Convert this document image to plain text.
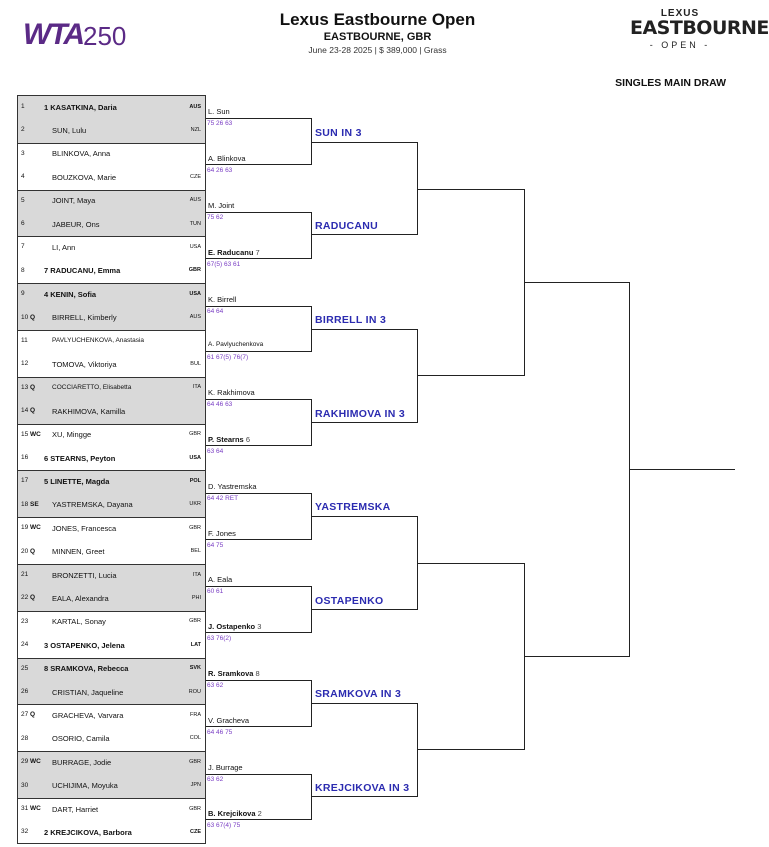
WTA 250
Lexus Eastbourne Open
EASTBOURNE, GBR
June 23-28 2025 | $ 389,000 | Grass
LEXUS
EASTBOURNE
- OPEN -
SINGLES MAIN DRAW
1	1 KASATKINA, Daria	AUS
2	SUN, Lulu	NZL
3	BLINKOVA, Anna
4	BOUZKOVA, Marie	CZE
5	JOINT, Maya	AUS
6	JABEUR, Ons	TUN
7	LI, Ann	USA
8	7 RADUCANU, Emma	GBR
9	4 KENIN, Sofia	USA
10 Q BIRRELL, Kimberly	AUS
11	PAVLYUCHENKOVA, Anastasia
12	TOMOVA, Viktoriya	BUL
13 Q	COCCIARETTO, Elisabetta	ITA
14 Q RAKHIMOVA, Kamilla
15 WC XU, Mingge	GBR
16 6 STEARNS, Peyton	USA
17 5 LINETTE, Magda	POL
18 SE YASTREMSKA, Dayana	UKR
19 WC JONES, Francesca	GBR
20 Q MINNEN, Greet	BEL
21	BRONZETTI, Lucia	ITA
22 Q EALA, Alexandra	PHI
23	KARTAL, Sonay	GBR
24 3 OSTAPENKO, Jelena	LAT
25 8 SRAMKOVA, Rebecca	SVK
26	CRISTIAN, Jaqueline	ROU
27 Q GRACHEVA, Varvara	FRA
28	OSORIO, Camila	COL
29 WC BURRAGE, Jodie	GBR
30	UCHIJIMA, Moyuka	JPN
31 WC DART, Harriet	GBR
32 2 KREJCIKOVA, Barbora	CZE
L. Sun
75 26 63
A. Blinkova
64 26 63
M. Joint
75 62
E. Raducanu 7
67(5) 63 61
K. Birrell
64 64
A. Pavlyuchenkova
61 67(5) 76(7)
K. Rakhimova
64 46 63
P. Stearns 6
63 64
D. Yastremska
64 42 RET
F. Jones
64 75
A. Eala
60 61
J. Ostapenko 3
63 76(2)
R. Sramkova 8
63 62
V. Gracheva
64 46 75
J. Burrage
63 62
B. Krejcikova 2
63 67(4) 75
SUN IN 3
RADUCANU
BIRRELL IN 3
RAKHIMOVA IN 3
YASTREMSKA
OSTAPENKO
SRAMKOVA IN 3
KREJCIKOVA IN 3
